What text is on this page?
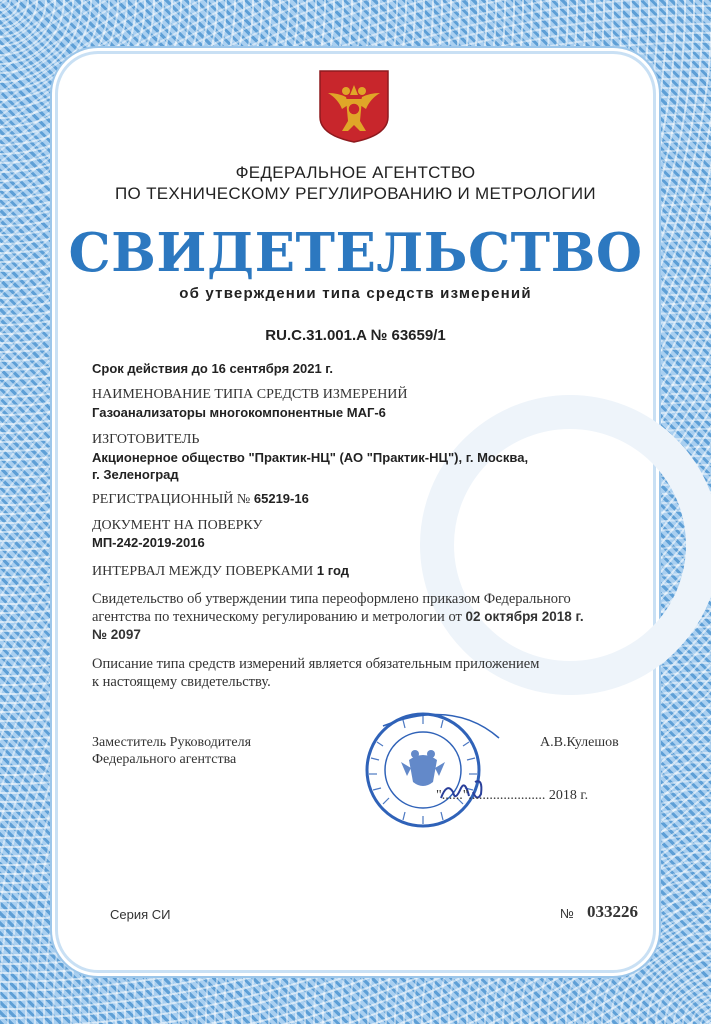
ФЕДЕРАЛЬНОЕ АГЕНТСТВО
ПО ТЕХНИЧЕСКОМУ РЕГУЛИРОВАНИЮ И МЕТРОЛОГИИ
СВИДЕТЕЛЬСТВО
об утверждении типа средств измерений
RU.C.31.001.A № 63659/1
Срок действия до 16 сентября 2021 г.
НАИМЕНОВАНИЕ ТИПА СРЕДСТВ ИЗМЕРЕНИЙ
Газоанализаторы многокомпонентные МАГ-6
ИЗГОТОВИТЕЛЬ
Акционерное общество "Практик-НЦ" (АО "Практик-НЦ"), г. Москва,
г. Зеленоград
РЕГИСТРАЦИОННЫЙ № 65219-16
ДОКУМЕНТ НА ПОВЕРКУ
МП-242-2019-2016
ИНТЕРВАЛ МЕЖДУ ПОВЕРКАМИ 1 год
Свидетельство об утверждении типа переоформлено приказом Федерального
агентства по техническому регулированию и метрологии от 02 октября 2018 г.
№ 2097
Описание типа средств измерений является обязательным приложением
к настоящему свидетельству.
Заместитель Руководителя
Федерального агентства
А.В.Кулешов
"......"...................... 2018 г.
Серия СИ	№ 033226
